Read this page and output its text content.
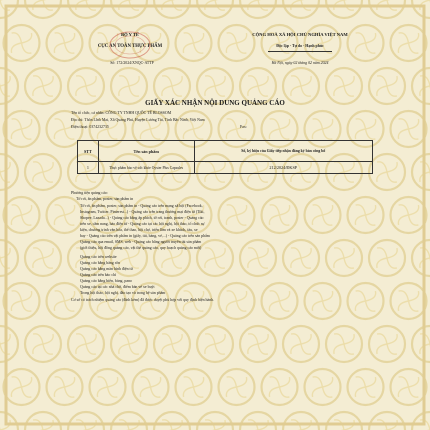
BỘ Y TẾ
CỤC AN TOÀN THỰC PHẨM
Số: 172/2024/XNQC-ATTP
CỘNG HOÀ XÃ HỘI CHỦ NGHĨA VIỆT NAM
Độc lập - Tự do - Hạnh phúc
Hà Nội, ngày 02 tháng 02 năm 2024
GIẤY XÁC NHẬN NỘI DUNG QUẢNG CÁO
Tên tổ chức, cá nhân: CÔNG TY TNHH QUỐC TẾ BLOSSOM
Địa chỉ: Thôn Lĩnh Mai, Xã Quảng Phú, Huyện Lương Tài, Tỉnh Bắc Ninh, Việt Nam
Điện thoại: 0374232735	Fax:
STT	Tên sản phẩm	Số, ký hiệu của Giấy tiếp nhận đăng ký bản công bố
1	Thực phẩm bảo vệ sức khỏe Oyster Plus Capsules	212/2024/ĐKSP
Phương tiện quảng cáo:
Tờ rơi, ấn phẩm, poster, sản phẩm in
Tờ rơi, ấn phẩm, poster, sản phẩm in - Quảng cáo trên mạng xã hội (Facebook,
Instagram, Twitter, Pinterest...) - Quảng cáo trên trang thương mại điện tử (Tiki,
Shopee, Lazada...) - Quảng cáo bằng ấp phích, tờ rơi, tranh, poster - Quảng cáo
trên xe, cầm nang, bảo điện tử - Quảng cáo tại các hội nghị, hội thảo, tổ chức sự
kiện, chương trình văn hóa, thể thao, hội chợ, triển lãm và xe khách, tàu, xe
bay - Quảng cáo trên vật phẩm in (giấy, túi, bảng, vé,...) - Quảng cáo trên sản phẩm
Quảng cáo qua email, SMS, web - Quảng cáo bằng người truyền tải sản phẩm
(giới thiệu, hội đồng quảng cáo, vật thể quảng cáo, quy hoạch quảng cáo mới)
Quảng cáo trên website
Quảng cáo bằng băng rôn
Quảng cáo bằng màn hình điện tử
Quảng cáo trên báo chí
Quảng cáo bằng biển, bảng, pano
Quảng cáo tại các nhà chờ, điểm bán vé xe buýt
Trong hội thảo, hội nghị, đào tạo và trong hệ sản phẩm
Cơ sở có trách nhiệm quảng cáo (đính kèm) đã được duyệt phù hợp với quy định hiện hành.
